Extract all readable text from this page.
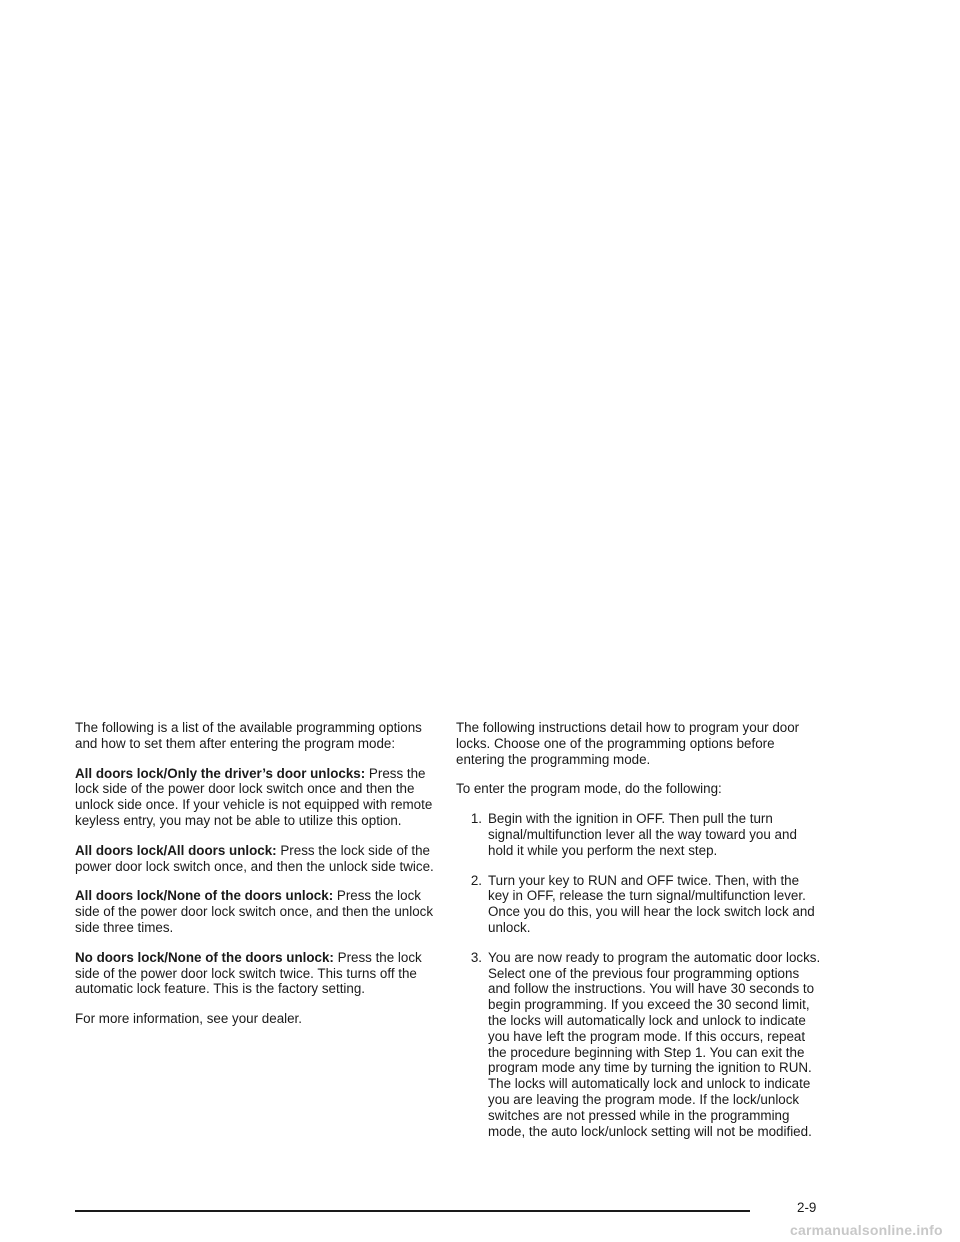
The following is a list of the available programming options and how to set them after entering the program mode:

All doors lock/Only the driver’s door unlocks: Press the lock side of the power door lock switch once and then the unlock side once. If your vehicle is not equipped with remote keyless entry, you may not be able to utilize this option.

All doors lock/All doors unlock: Press the lock side of the power door lock switch once, and then the unlock side twice.

All doors lock/None of the doors unlock: Press the lock side of the power door lock switch once, and then the unlock side three times.

No doors lock/None of the doors unlock: Press the lock side of the power door lock switch twice. This turns off the automatic lock feature. This is the factory setting.

For more information, see your dealer.

The following instructions detail how to program your door locks. Choose one of the programming options before entering the programming mode.

To enter the program mode, do the following:

1. Begin with the ignition in OFF. Then pull the turn signal/multifunction lever all the way toward you and hold it while you perform the next step.
2. Turn your key to RUN and OFF twice. Then, with the key in OFF, release the turn signal/multifunction lever. Once you do this, you will hear the lock switch lock and unlock.
3. You are now ready to program the automatic door locks. Select one of the previous four programming options and follow the instructions. You will have 30 seconds to begin programming. If you exceed the 30 second limit, the locks will automatically lock and unlock to indicate you have left the program mode. If this occurs, repeat the procedure beginning with Step 1. You can exit the program mode any time by turning the ignition to RUN. The locks will automatically lock and unlock to indicate you are leaving the program mode. If the lock/unlock switches are not pressed while in the programming mode, the auto lock/unlock setting will not be modified.
2-9
carmanualsonline.info
